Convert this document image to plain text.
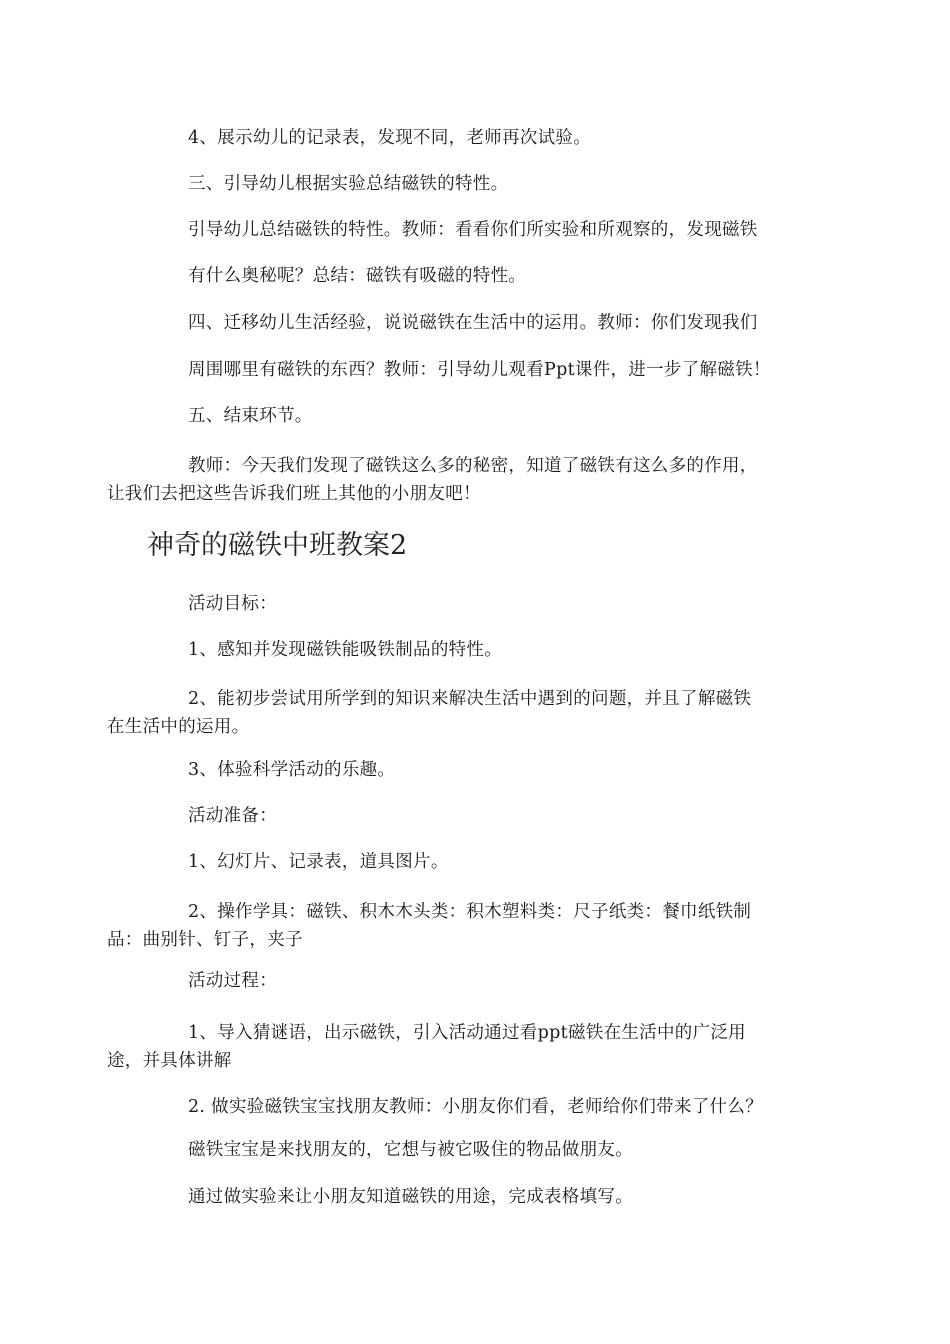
4、展示幼儿的记录表，发现不同，老师再次试验。
三、引导幼儿根据实验总结磁铁的特性。
引导幼儿总结磁铁的特性。教师：看看你们所实验和所观察的，发现磁铁
有什么奥秘呢？总结：磁铁有吸磁的特性。
四、迁移幼儿生活经验，说说磁铁在生活中的运用。教师：你们发现我们
周围哪里有磁铁的东西？教师：引导幼儿观看Ppt课件，进一步了解磁铁！
五、结束环节。
教师：今天我们发现了磁铁这么多的秘密，知道了磁铁有这么多的作用，
让我们去把这些告诉我们班上其他的小朋友吧！
神奇的磁铁中班教案2
活动目标：
1、感知并发现磁铁能吸铁制品的特性。
2、能初步尝试用所学到的知识来解决生活中遇到的问题，并且了解磁铁
在生活中的运用。
3、体验科学活动的乐趣。
活动准备：
1、幻灯片、记录表，道具图片。
2、操作学具：磁铁、积木木头类：积木塑料类：尺子纸类：餐巾纸铁制
品：曲别针、钉子，夹子
活动过程：
1、导入猜谜语，出示磁铁，引入活动通过看ppt磁铁在生活中的广泛用
途，并具体讲解
2. 做实验磁铁宝宝找朋友教师：小朋友你们看，老师给你们带来了什么？
磁铁宝宝是来找朋友的，它想与被它吸住的物品做朋友。
通过做实验来让小朋友知道磁铁的用途，完成表格填写。
